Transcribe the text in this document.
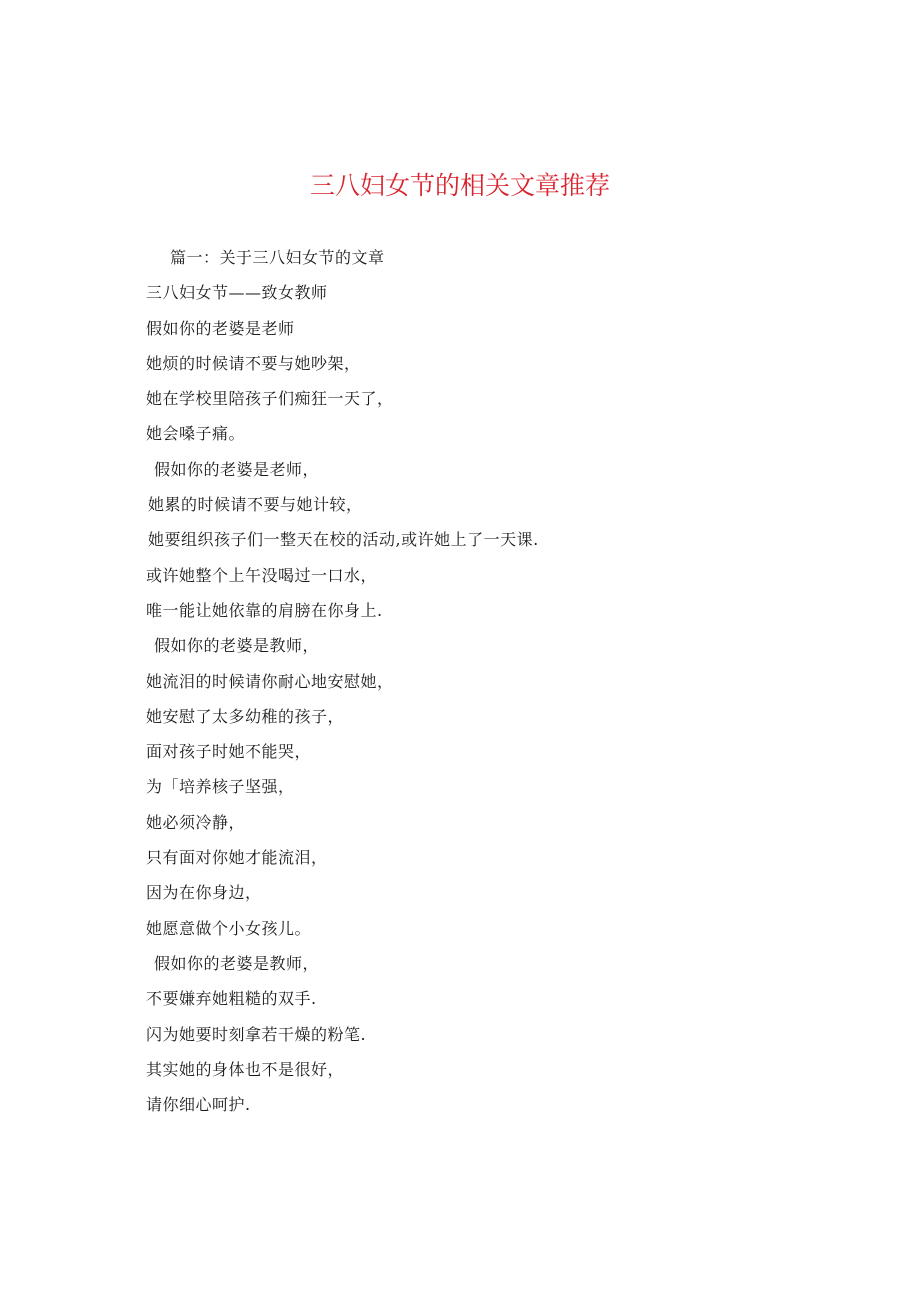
三八妇女节的相关文章推荐
篇一：关于三八妇女节的文章
三八妇女节——致女教师
假如你的老婆是老师
她烦的时候请不要与她吵架，
她在学校里陪孩子们痴狂一天了，
她会嗓子痛。
假如你的老婆是老师，
她累的时候请不要与她计较，
她要组织孩子们一整天在校的活动,或许她上了一天课.
或许她整个上午没喝过一口水，
唯一能让她依靠的肩膀在你身上.
假如你的老婆是教师，
她流泪的时候请你耐心地安慰她，
她安慰了太多幼稚的孩子，
面对孩子时她不能哭，
为「培养核子坚强，
她必须冷静，
只有面对你她才能流泪，
因为在你身边，
她愿意做个小女孩儿。
假如你的老婆是教师，
不要嫌弃她粗糙的双手.
闪为她要时刻拿若干燥的粉笔.
其实她的身体也不是很好，
请你细心呵护.
